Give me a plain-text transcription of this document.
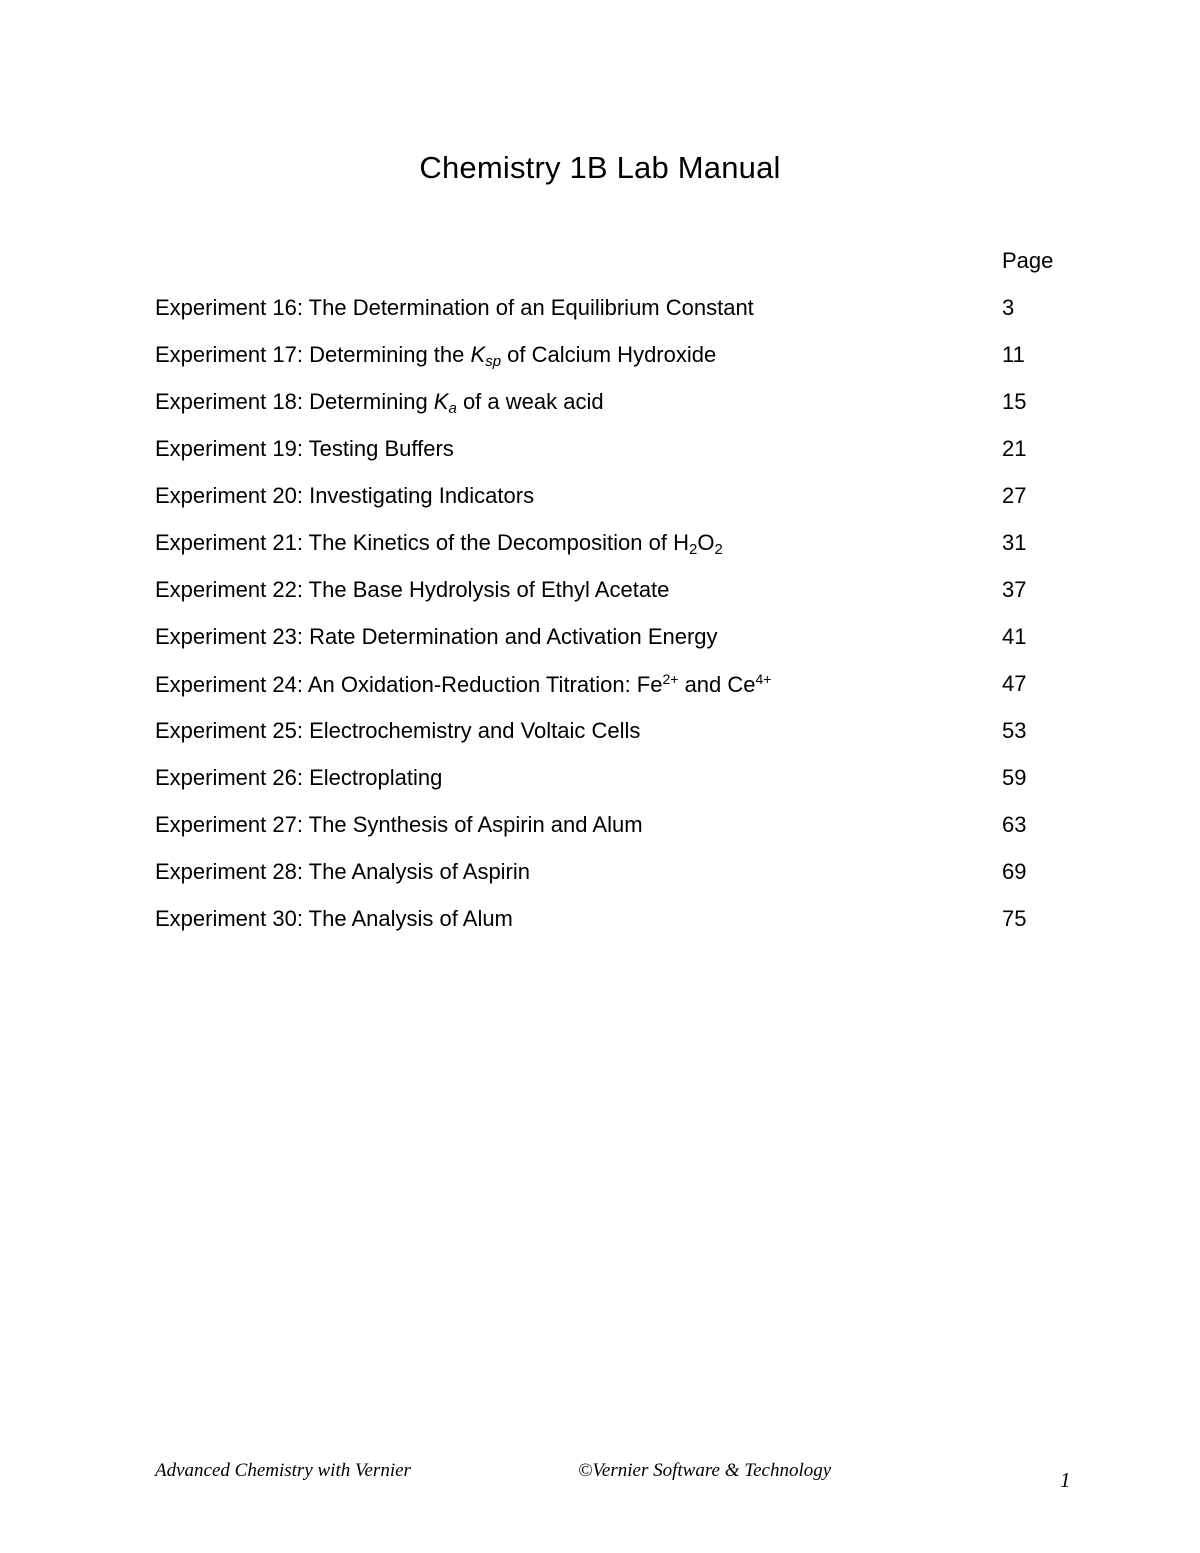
Chemistry 1B Lab Manual
Page
Experiment 16: The Determination of an Equilibrium Constant	3
Experiment 17: Determining the Ksp of Calcium Hydroxide	11
Experiment 18: Determining Ka of a weak acid	15
Experiment 19: Testing Buffers	21
Experiment 20: Investigating Indicators	27
Experiment 21: The Kinetics of the Decomposition of $H_2O_2$	31
Experiment 22: The Base Hydrolysis of Ethyl Acetate	37
Experiment 23: Rate Determination and Activation Energy	41
Experiment 24: An Oxidation-Reduction Titration: $Fe^{2+}$ and $Ce^{4+}$	47
Experiment 25: Electrochemistry and Voltaic Cells	53
Experiment 26: Electroplating	59
Experiment 27: The Synthesis of Aspirin and Alum	63
Experiment 28: The Analysis of Aspirin	69
Experiment 30: The Analysis of Alum	75
Advanced Chemistry with Vernier	©Vernier Software & Technology	1
